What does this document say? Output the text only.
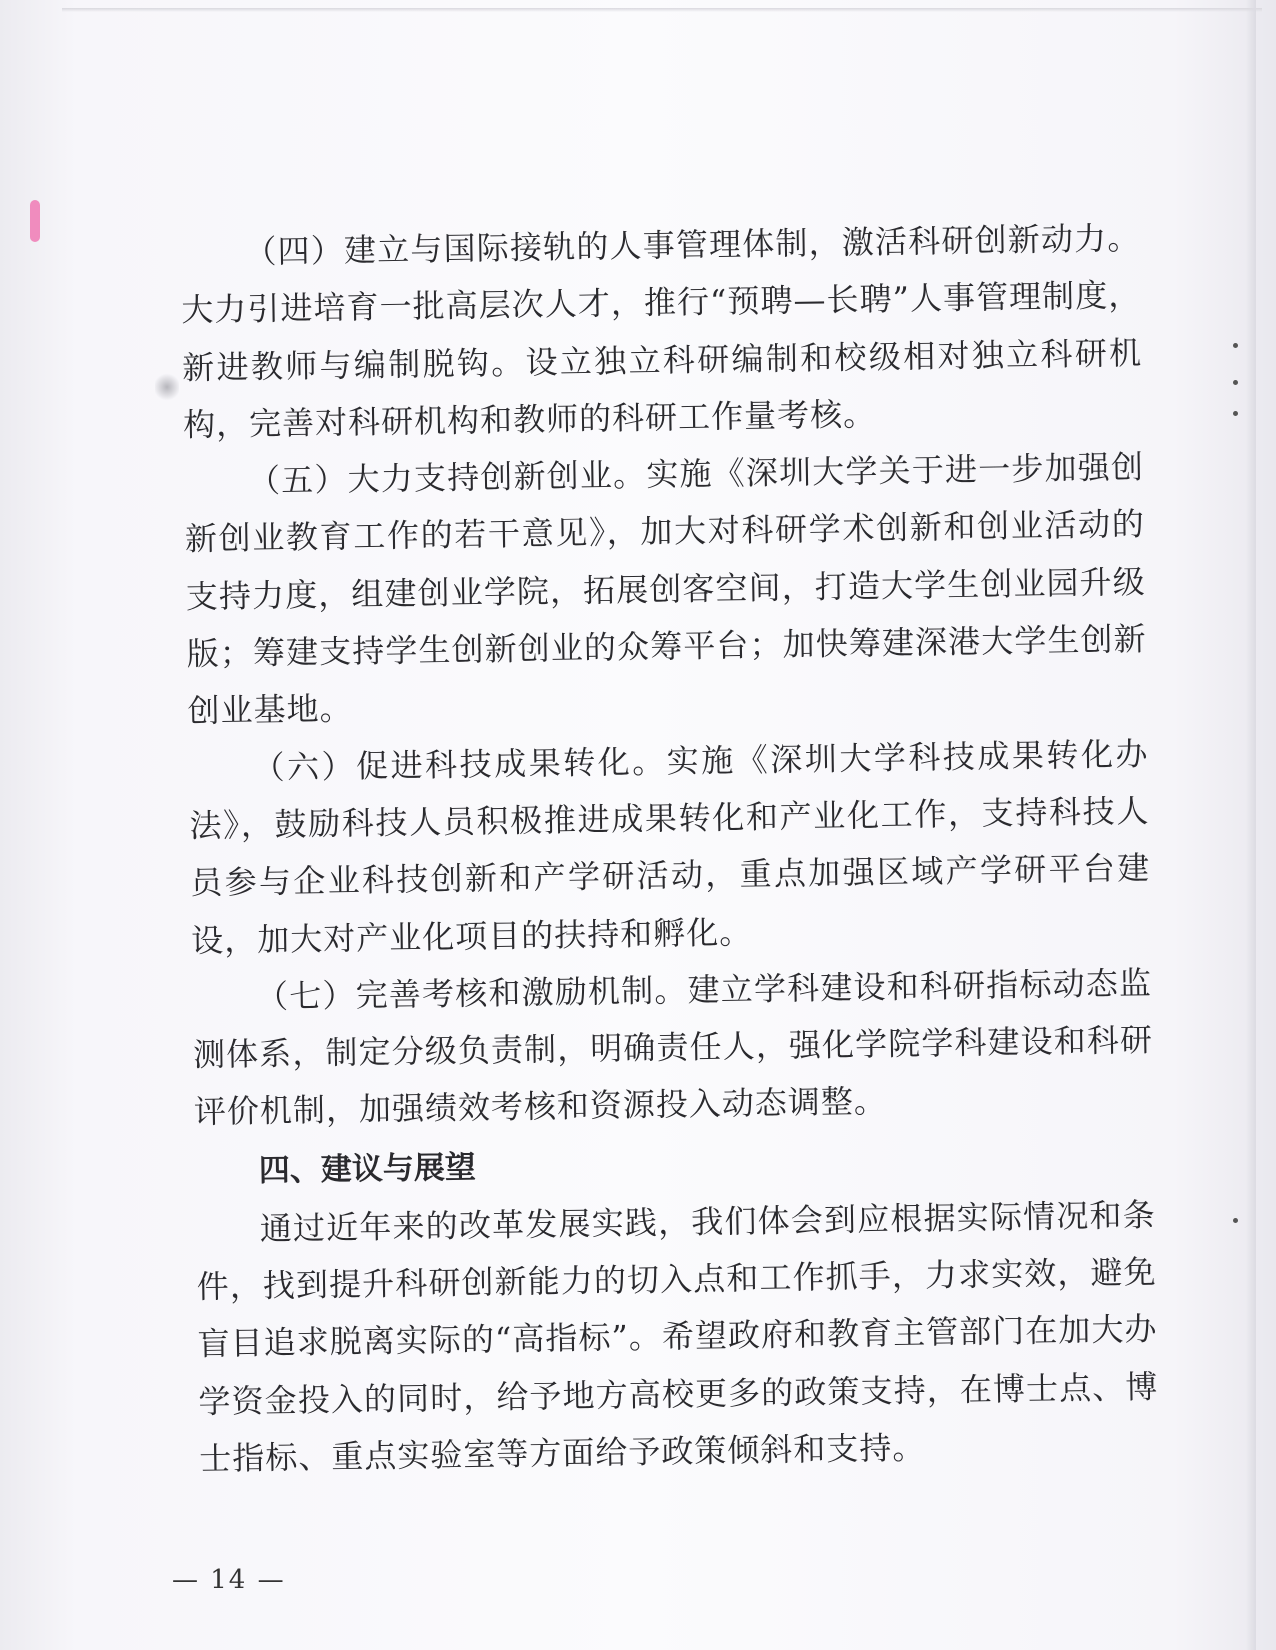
（四）建立与国际接轨的人事管理体制，激活科研创新动力。大力引进培育一批高层次人才，推行“预聘—长聘”人事管理制度，新进教师与编制脱钩。设立独立科研编制和校级相对独立科研机构，完善对科研机构和教师的科研工作量考核。

（五）大力支持创新创业。实施《深圳大学关于进一步加强创新创业教育工作的若干意见》，加大对科研学术创新和创业活动的支持力度，组建创业学院，拓展创客空间，打造大学生创业园升级版；筹建支持学生创新创业的众筹平台；加快筹建深港大学生创新创业基地。

（六）促进科技成果转化。实施《深圳大学科技成果转化办法》，鼓励科技人员积极推进成果转化和产业化工作，支持科技人员参与企业科技创新和产学研活动，重点加强区域产学研平台建设，加大对产业化项目的扶持和孵化。

（七）完善考核和激励机制。建立学科建设和科研指标动态监测体系，制定分级负责制，明确责任人，强化学院学科建设和科研评价机制，加强绩效考核和资源投入动态调整。

四、建议与展望

通过近年来的改革发展实践，我们体会到应根据实际情况和条件，找到提升科研创新能力的切入点和工作抓手，力求实效，避免盲目追求脱离实际的“高指标”。希望政府和教育主管部门在加大办学资金投入的同时，给予地方高校更多的政策支持，在博士点、博士指标、重点实验室等方面给予政策倾斜和支持。

— 14 —
